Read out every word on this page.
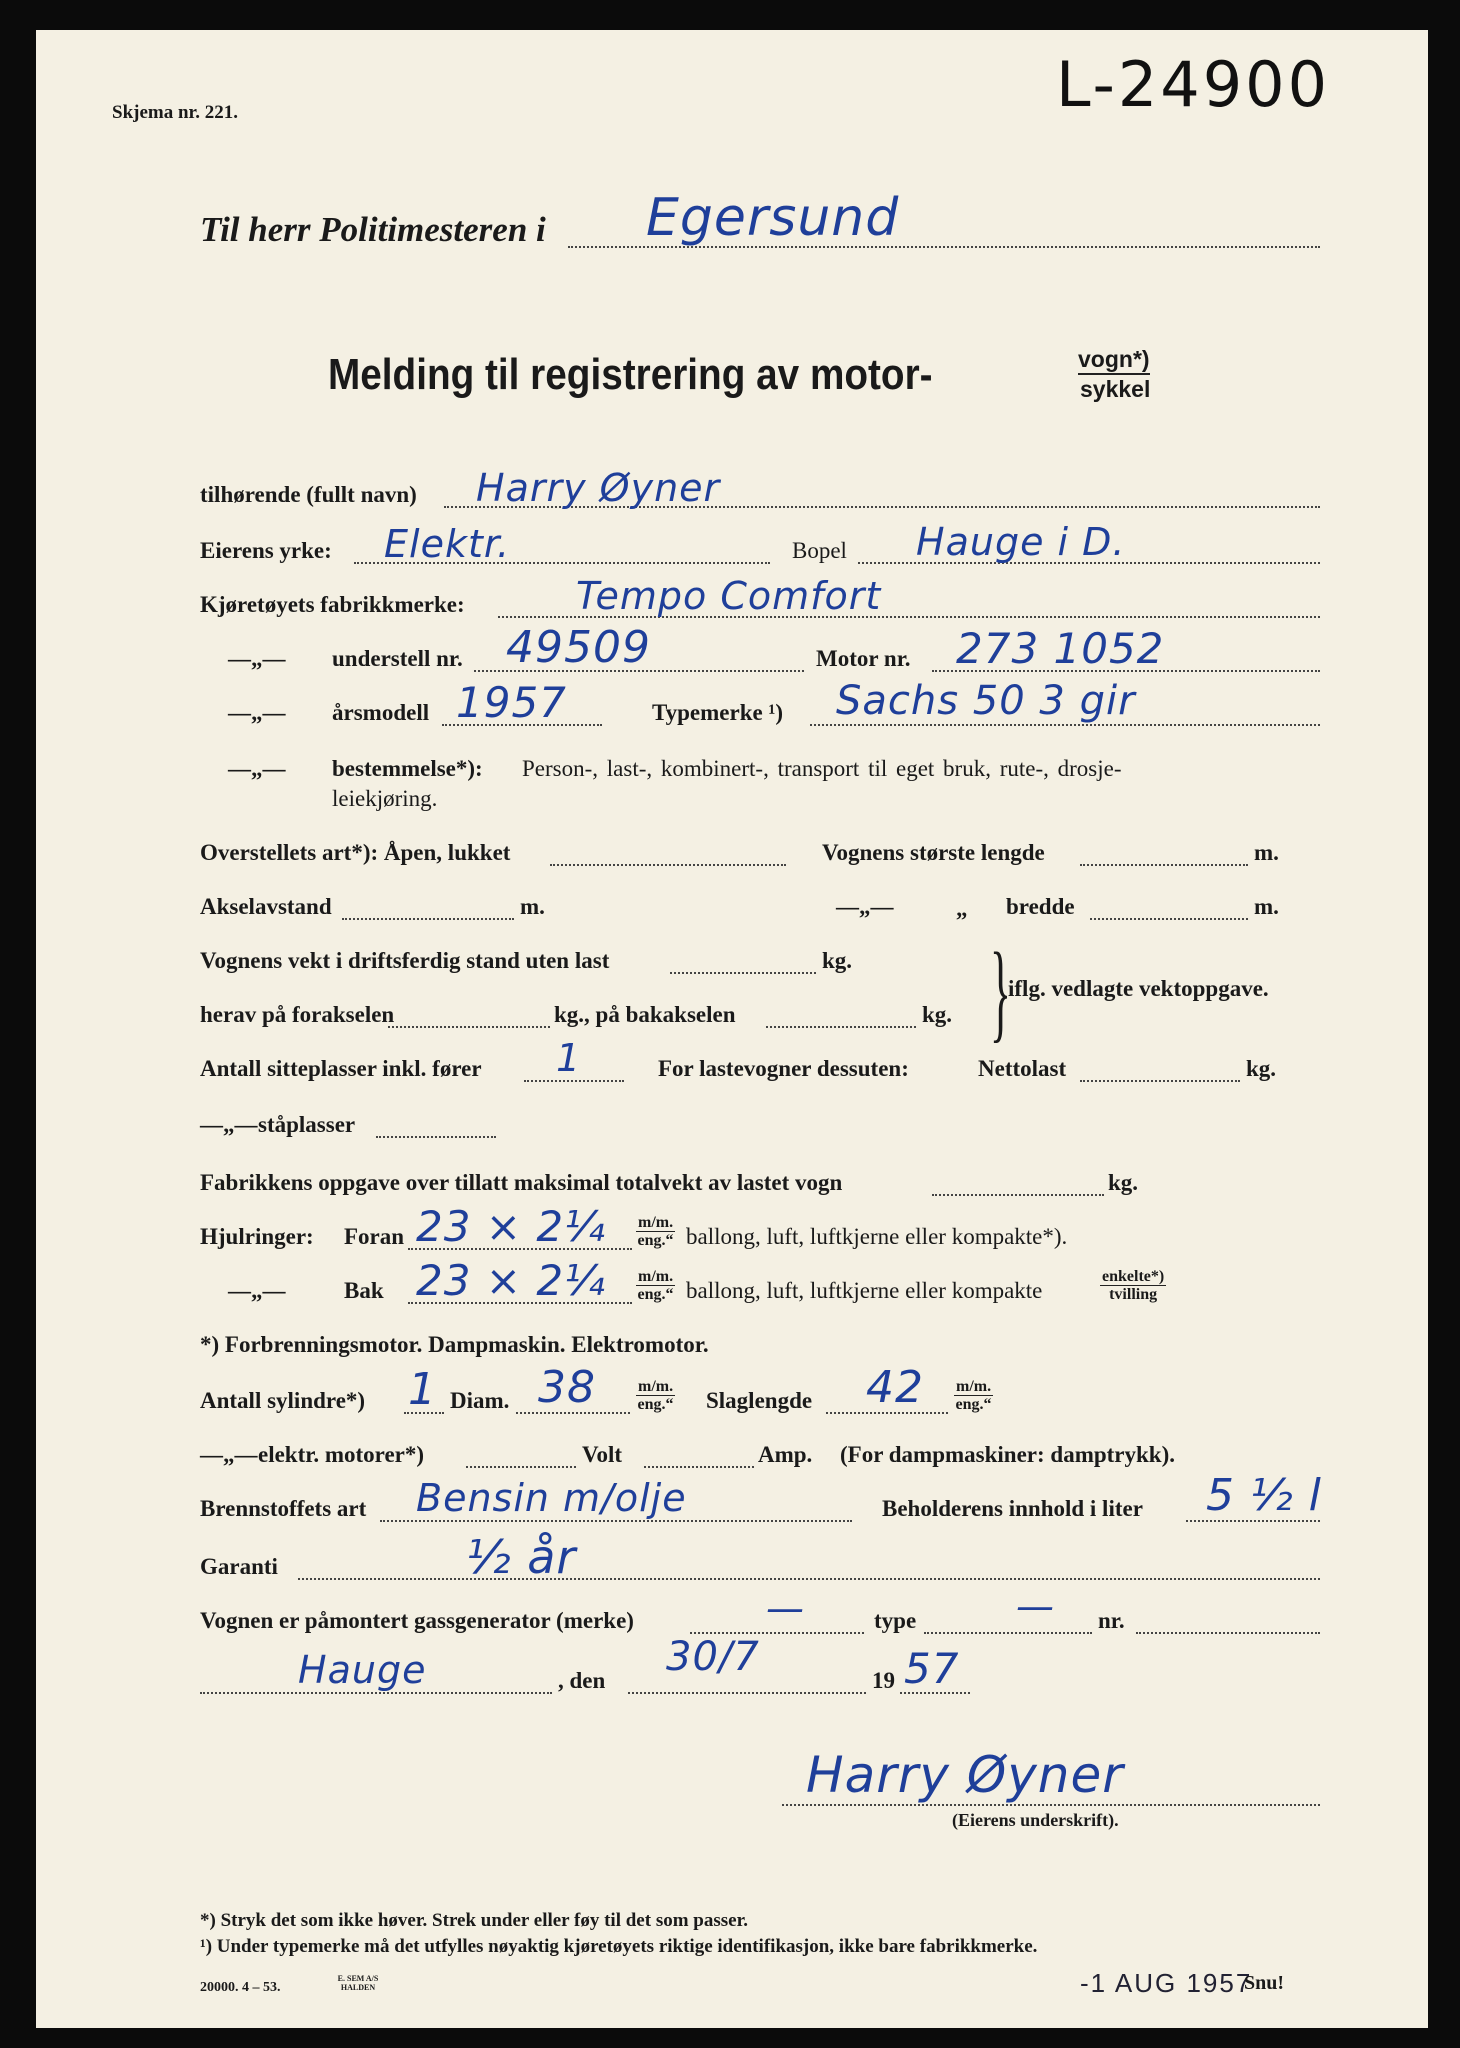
Skjema nr. 221.	L-24900
Til herr Politimesteren i Egersund
Melding til registrering av motor-	vogn*)
sykkel
tilhørende (fullt navn) Harry Øyner
Eierens yrke: Elektr.	Bopel Hauge i D.
Kjøretøyets fabrikkmerke:	Tempo Comfort
—„— understell nr. 49509	Motor nr. 273 1052
—„— årsmodell 1957	Typemerke ¹) Sachs 50 3 gir
—„— bestemmelse*): Person-, last-, kombinert-, transport til eget bruk, rute-, drosje-
leiekjøring.
Overstellets art*): Åpen, lukket	Vognens største lengde	m.
Akselavstand	m.	—„—	„ bredde	m.
Vognens vekt i driftsferdig stand uten last	kg.
herav på forakselen	kg., på bakakselen	kg. }
iflg. vedlagte vektoppgave.
Antall sitteplasser inkl. fører 1	For lastevogner dessuten:	Nettolast	kg.
—„— ståplasser
Fabrikkens oppgave over tillatt maksimal totalvekt av lastet vogn	kg.
Hjulringer: Foran 23 × 2¼ $\frac{m/m.}{\text{eng.“}}$ ballong, luft, luftkjerne eller kompakte*).
—„—	Bak 23 × 2¼ $\frac{m/m.}{\text{eng.“}}$ ballong, luft, luftkjerne eller kompakte	$\frac{\text{enkelte*)}}{\text{tvilling}}$
*) Forbrenningsmotor. Dampmaskin. Elektromotor.
Antall sylindre*) 1 Diam. 38	$\frac{m/m.}{\text{eng.“}}$ Slaglengde $42 \frac{m/m.}{\text{eng.“}}$
—„— elektr. motorer*)	Volt	Amp. (For dampmaskiner: damptrykk).
Brennstoffets art Bensin m/olje	Beholderens innhold i liter 5 ½ l
Garanti	½ år
Vognen er påmontert gassgenerator (merke)	—	type	— nr.
Hauge	, den
30/7
19 57
Harry Øyner
(Eierens underskrift).
*) Stryk det som ikke høver. Strek under eller føy til det som passer.
¹) Under typemerke må det utfylles nøyaktig kjøretøyets riktige identifikasjon, ikke bare fabrikkmerke.
20000. 4 – 53.
E. SEM A/S HALDEN	-1 AUG 1957
Snu!
